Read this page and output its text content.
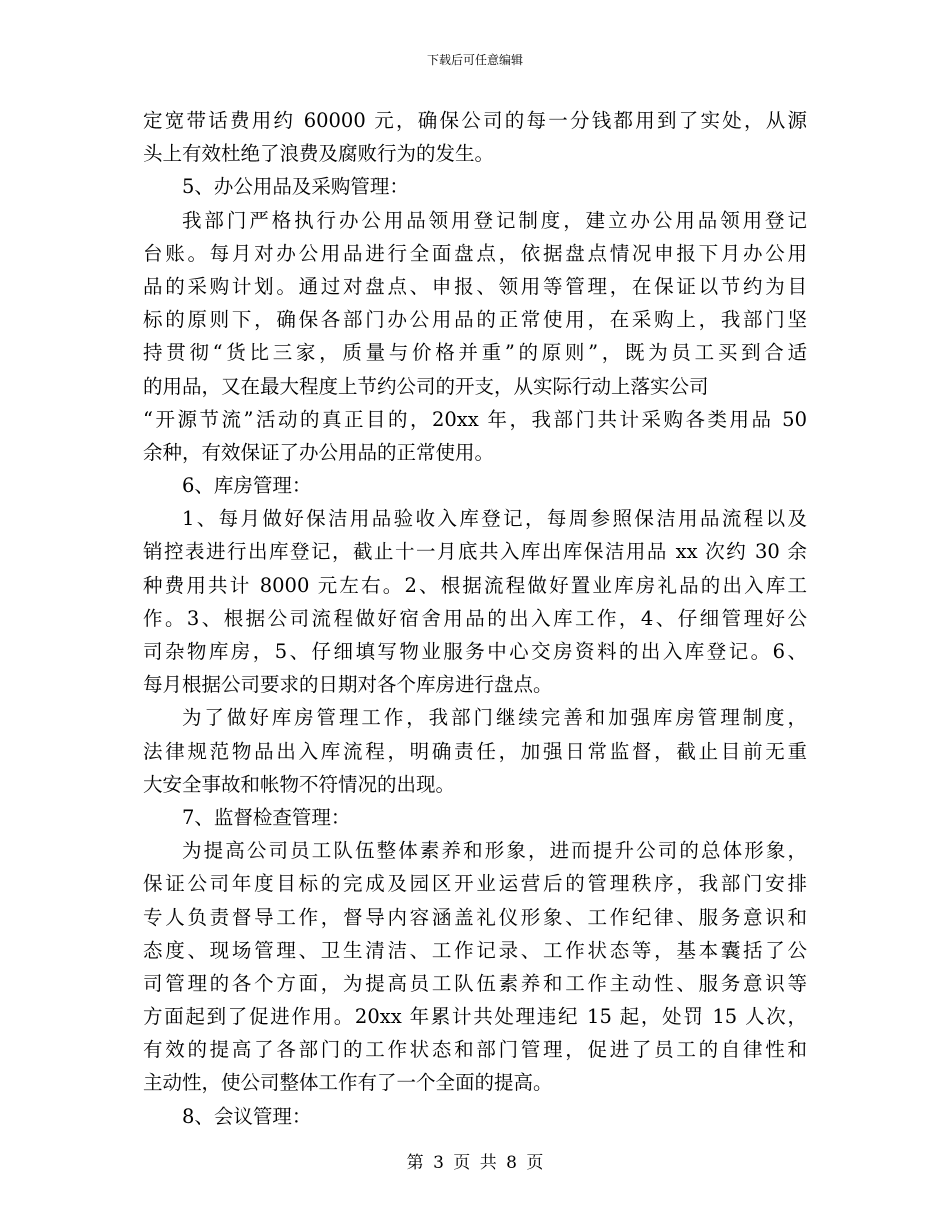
下载后可任意编辑
定宽带话费用约 60000 元，确保公司的每一分钱都用到了实处，从源
头上有效杜绝了浪费及腐败行为的发生。
5、办公用品及采购管理：
我部门严格执行办公用品领用登记制度，建立办公用品领用登记
台账。每月对办公用品进行全面盘点，依据盘点情况申报下月办公用
品的采购计划。通过对盘点、申报、领用等管理，在保证以节约为目
标的原则下，确保各部门办公用品的正常使用，在采购上，我部门坚
持贯彻“货比三家，质量与价格并重”的原则”，既为员工买到合适
的用品，又在最大程度上节约公司的开支，从实际行动上落实公司
“开源节流”活动的真正目的，20xx 年，我部门共计采购各类用品 50
余种，有效保证了办公用品的正常使用。
6、库房管理：
1、每月做好保洁用品验收入库登记，每周参照保洁用品流程以及
销控表进行出库登记，截止十一月底共入库出库保洁用品 xx 次约 30 余
种费用共计 8000 元左右。2、根据流程做好置业库房礼品的出入库工
作。3、根据公司流程做好宿舍用品的出入库工作，4、仔细管理好公
司杂物库房，5、仔细填写物业服务中心交房资料的出入库登记。6、
每月根据公司要求的日期对各个库房进行盘点。
为了做好库房管理工作，我部门继续完善和加强库房管理制度，
法律规范物品出入库流程，明确责任，加强日常监督，截止目前无重
大安全事故和帐物不符情况的出现。
7、监督检查管理：
为提高公司员工队伍整体素养和形象，进而提升公司的总体形象，
保证公司年度目标的完成及园区开业运营后的管理秩序，我部门安排
专人负责督导工作，督导内容涵盖礼仪形象、工作纪律、服务意识和
态度、现场管理、卫生清洁、工作记录、工作状态等，基本囊括了公
司管理的各个方面，为提高员工队伍素养和工作主动性、服务意识等
方面起到了促进作用。20xx 年累计共处理违纪 15 起，处罚 15 人次，
有效的提高了各部门的工作状态和部门管理，促进了员工的自律性和
主动性，使公司整体工作有了一个全面的提高。
8、会议管理：
第 3 页 共 8 页
